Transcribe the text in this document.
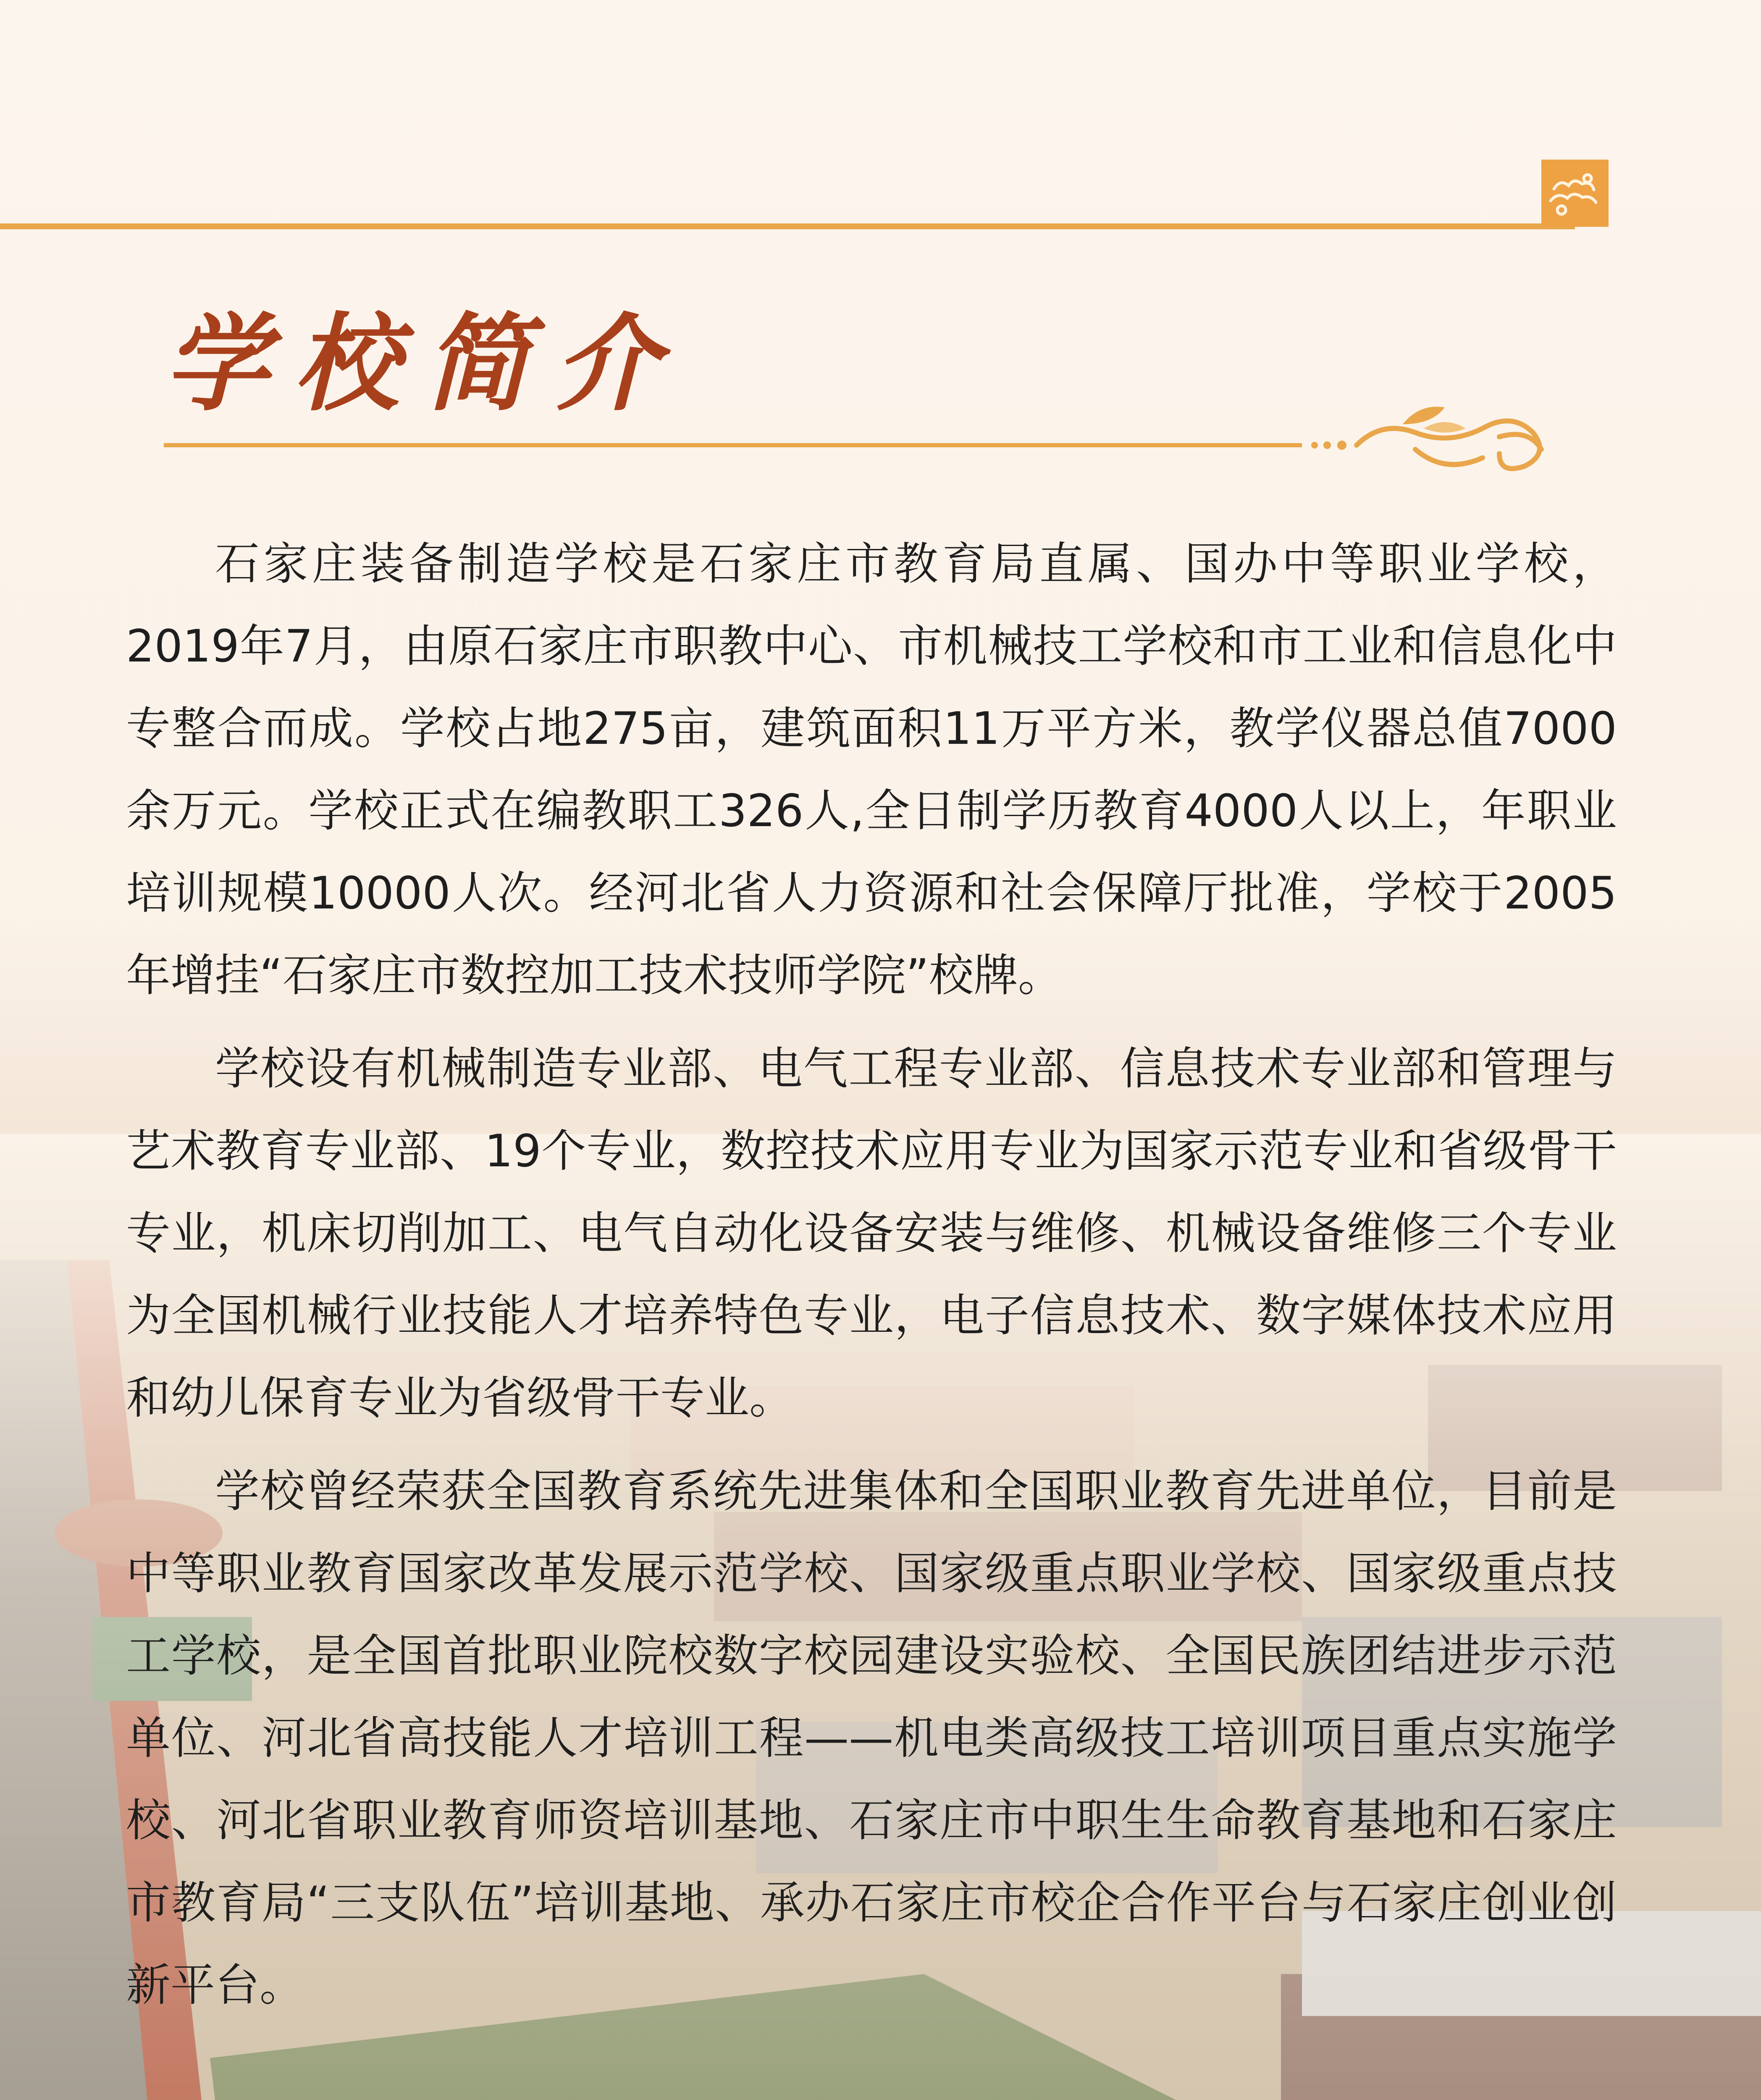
学校简介

石家庄装备制造学校是石家庄市教育局直属、国办中等职业学校，2019年7月，由原石家庄市职教中心、市机械技工学校和市工业和信息化中专整合而成。学校占地275亩，建筑面积11万平方米，教学仪器总值7000余万元。学校正式在编教职工326人,全日制学历教育4000人以上，年职业培训规模10000人次。经河北省人力资源和社会保障厅批准，学校于2005年增挂“石家庄市数控加工技术技师学院”校牌。

学校设有机械制造专业部、电气工程专业部、信息技术专业部和管理与艺术教育专业部、19个专业，数控技术应用专业为国家示范专业和省级骨干专业，机床切削加工、电气自动化设备安装与维修、机械设备维修三个专业为全国机械行业技能人才培养特色专业，电子信息技术、数字媒体技术应用和幼儿保育专业为省级骨干专业。

学校曾经荣获全国教育系统先进集体和全国职业教育先进单位，目前是中等职业教育国家改革发展示范学校、国家级重点职业学校、国家级重点技工学校，是全国首批职业院校数字校园建设实验校、全国民族团结进步示范单位、河北省高技能人才培训工程——机电类高级技工培训项目重点实施学校、河北省职业教育师资培训基地、石家庄市中职生生命教育基地和石家庄市教育局“三支队伍”培训基地、承办石家庄市校企合作平台与石家庄创业创新平台。
